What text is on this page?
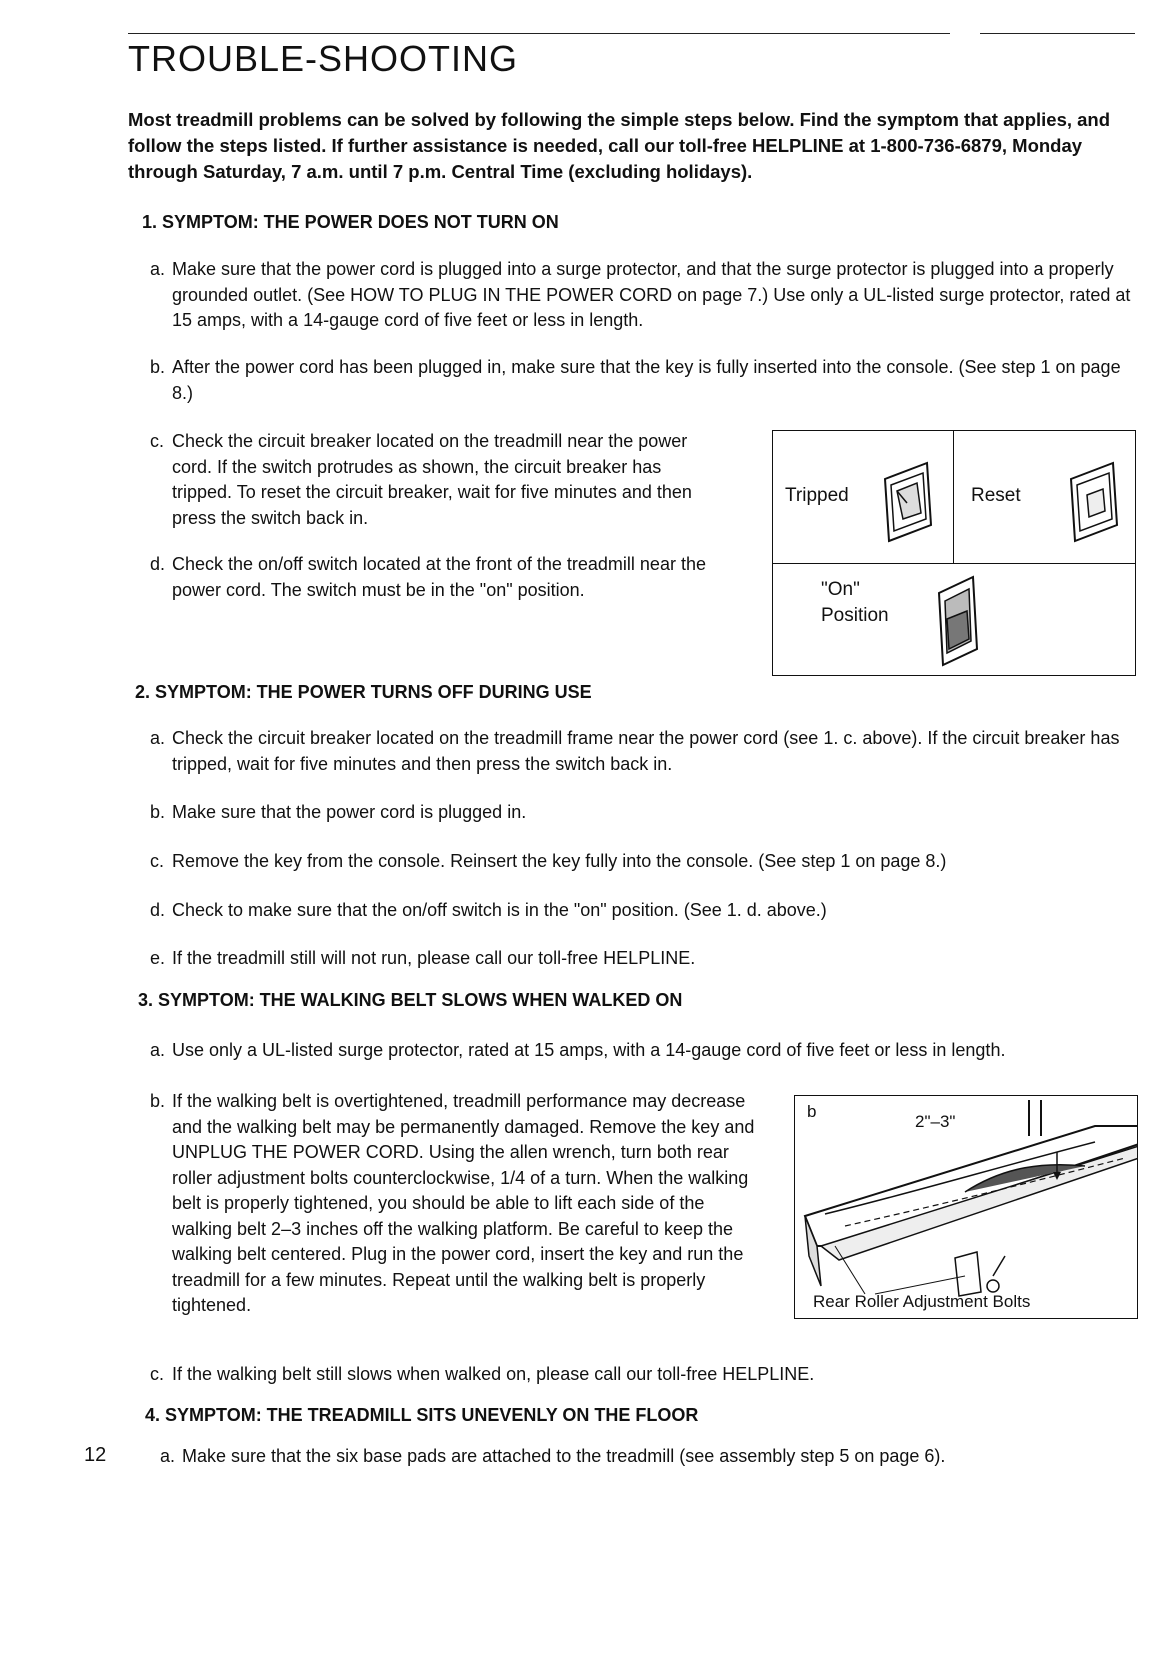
TROUBLE-SHOOTING

Most treadmill problems can be solved by following the simple steps below. Find the symptom that applies, and follow the steps listed. If further assistance is needed, call our toll-free HELPLINE at 1-800-736-6879, Monday through Saturday, 7 a.m. until 7 p.m. Central Time (excluding holidays).

1. SYMPTOM: THE POWER DOES NOT TURN ON

a. Make sure that the power cord is plugged into a surge protector, and that the surge protector is plugged into a properly grounded outlet. (See HOW TO PLUG IN THE POWER CORD on page 7.) Use only a UL-listed surge protector, rated at 15 amps, with a 14-gauge cord of five feet or less in length.
b. After the power cord has been plugged in, make sure that the key is fully inserted into the console. (See step 1 on page 8.)
c. Check the circuit breaker located on the treadmill near the power cord. If the switch protrudes as shown, the circuit breaker has tripped. To reset the circuit breaker, wait for five minutes and then press the switch back in.
d. Check the on/off switch located at the front of the treadmill near the power cord. The switch must be in the "on" position.
Tripped	Reset
"On"
Position

2. SYMPTOM: THE POWER TURNS OFF DURING USE

a. Check the circuit breaker located on the treadmill frame near the power cord (see 1. c. above). If the circuit breaker has tripped, wait for five minutes and then press the switch back in.
b. Make sure that the power cord is plugged in.
c. Remove the key from the console. Reinsert the key fully into the console. (See step 1 on page 8.)
d. Check to make sure that the on/off switch is in the "on" position. (See 1. d. above.)
e. If the treadmill still will not run, please call our toll-free HELPLINE.

3. SYMPTOM: THE WALKING BELT SLOWS WHEN WALKED ON

a. Use only a UL-listed surge protector, rated at 15 amps, with a 14-gauge cord of five feet or less in length.
b. If the walking belt is overtightened, treadmill performance may decrease and the walking belt may be permanently damaged. Remove the key and UNPLUG THE POWER CORD. Using the allen wrench, turn both rear roller adjustment bolts counterclockwise, 1/4 of a turn. When the walking belt is properly tightened, you should be able to lift each side of the walking belt 2–3 inches off the walking platform. Be careful to keep the walking belt centered. Plug in the power cord, insert the key and run the treadmill for a few minutes. Repeat until the walking belt is properly tightened.
b
2"–3"
Rear Roller Adjustment Bolts
c. If the walking belt still slows when walked on, please call our toll-free HELPLINE.

4. SYMPTOM: THE TREADMILL SITS UNEVENLY ON THE FLOOR

a. Make sure that the six base pads are attached to the treadmill (see assembly step 5 on page 6).

12
